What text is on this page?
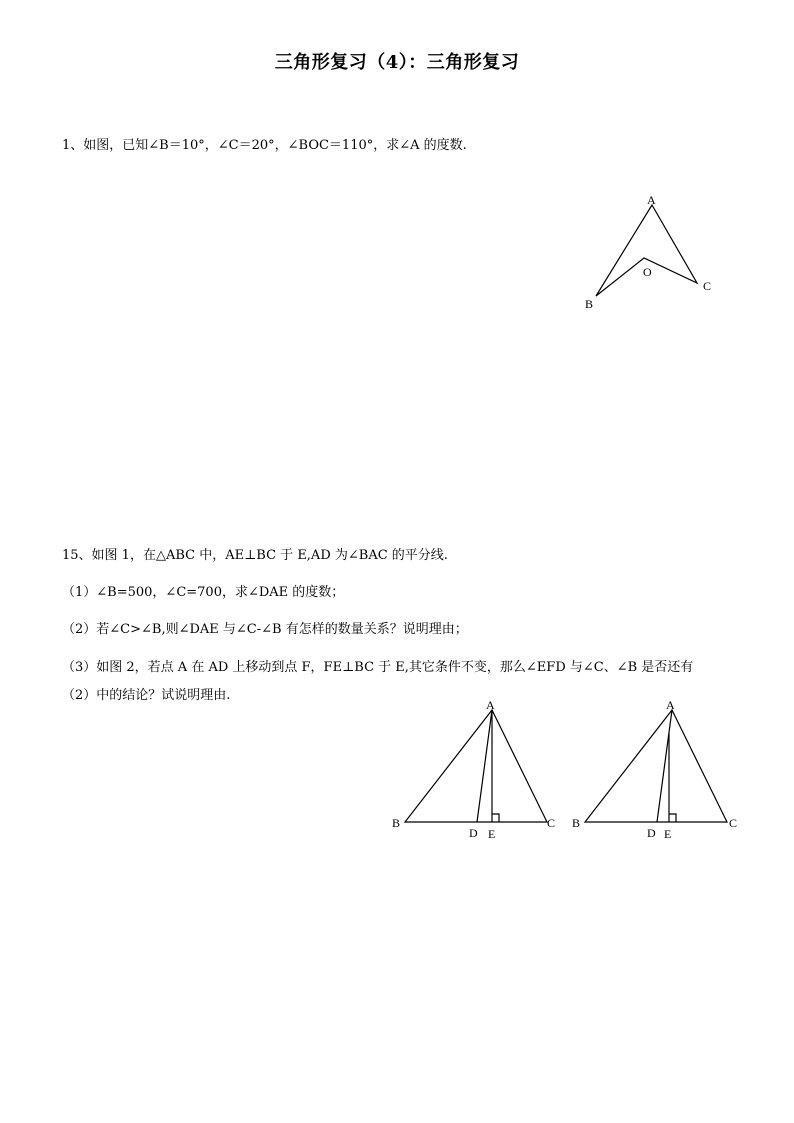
三角形复习（4）：三角形复习
1、如图，已知∠B＝10°，∠C＝20°，∠BOC＝110°，求∠A 的度数.
A
O
B
C
15、如图 1，在△ABC 中，AE⊥BC 于 E,AD 为∠BAC 的平分线.
（1）∠B=500，∠C=700，求∠DAE 的度数；
（2）若∠C>∠B,则∠DAE 与∠C-∠B 有怎样的数量关系？说明理由；
（3）如图 2，若点 A 在 AD 上移动到点 F，FE⊥BC 于 E,其它条件不变，那么∠EFD 与∠C、∠B 是否还有
（2）中的结论？试说明理由.
A
B	C
D E
A
B	C
D E
